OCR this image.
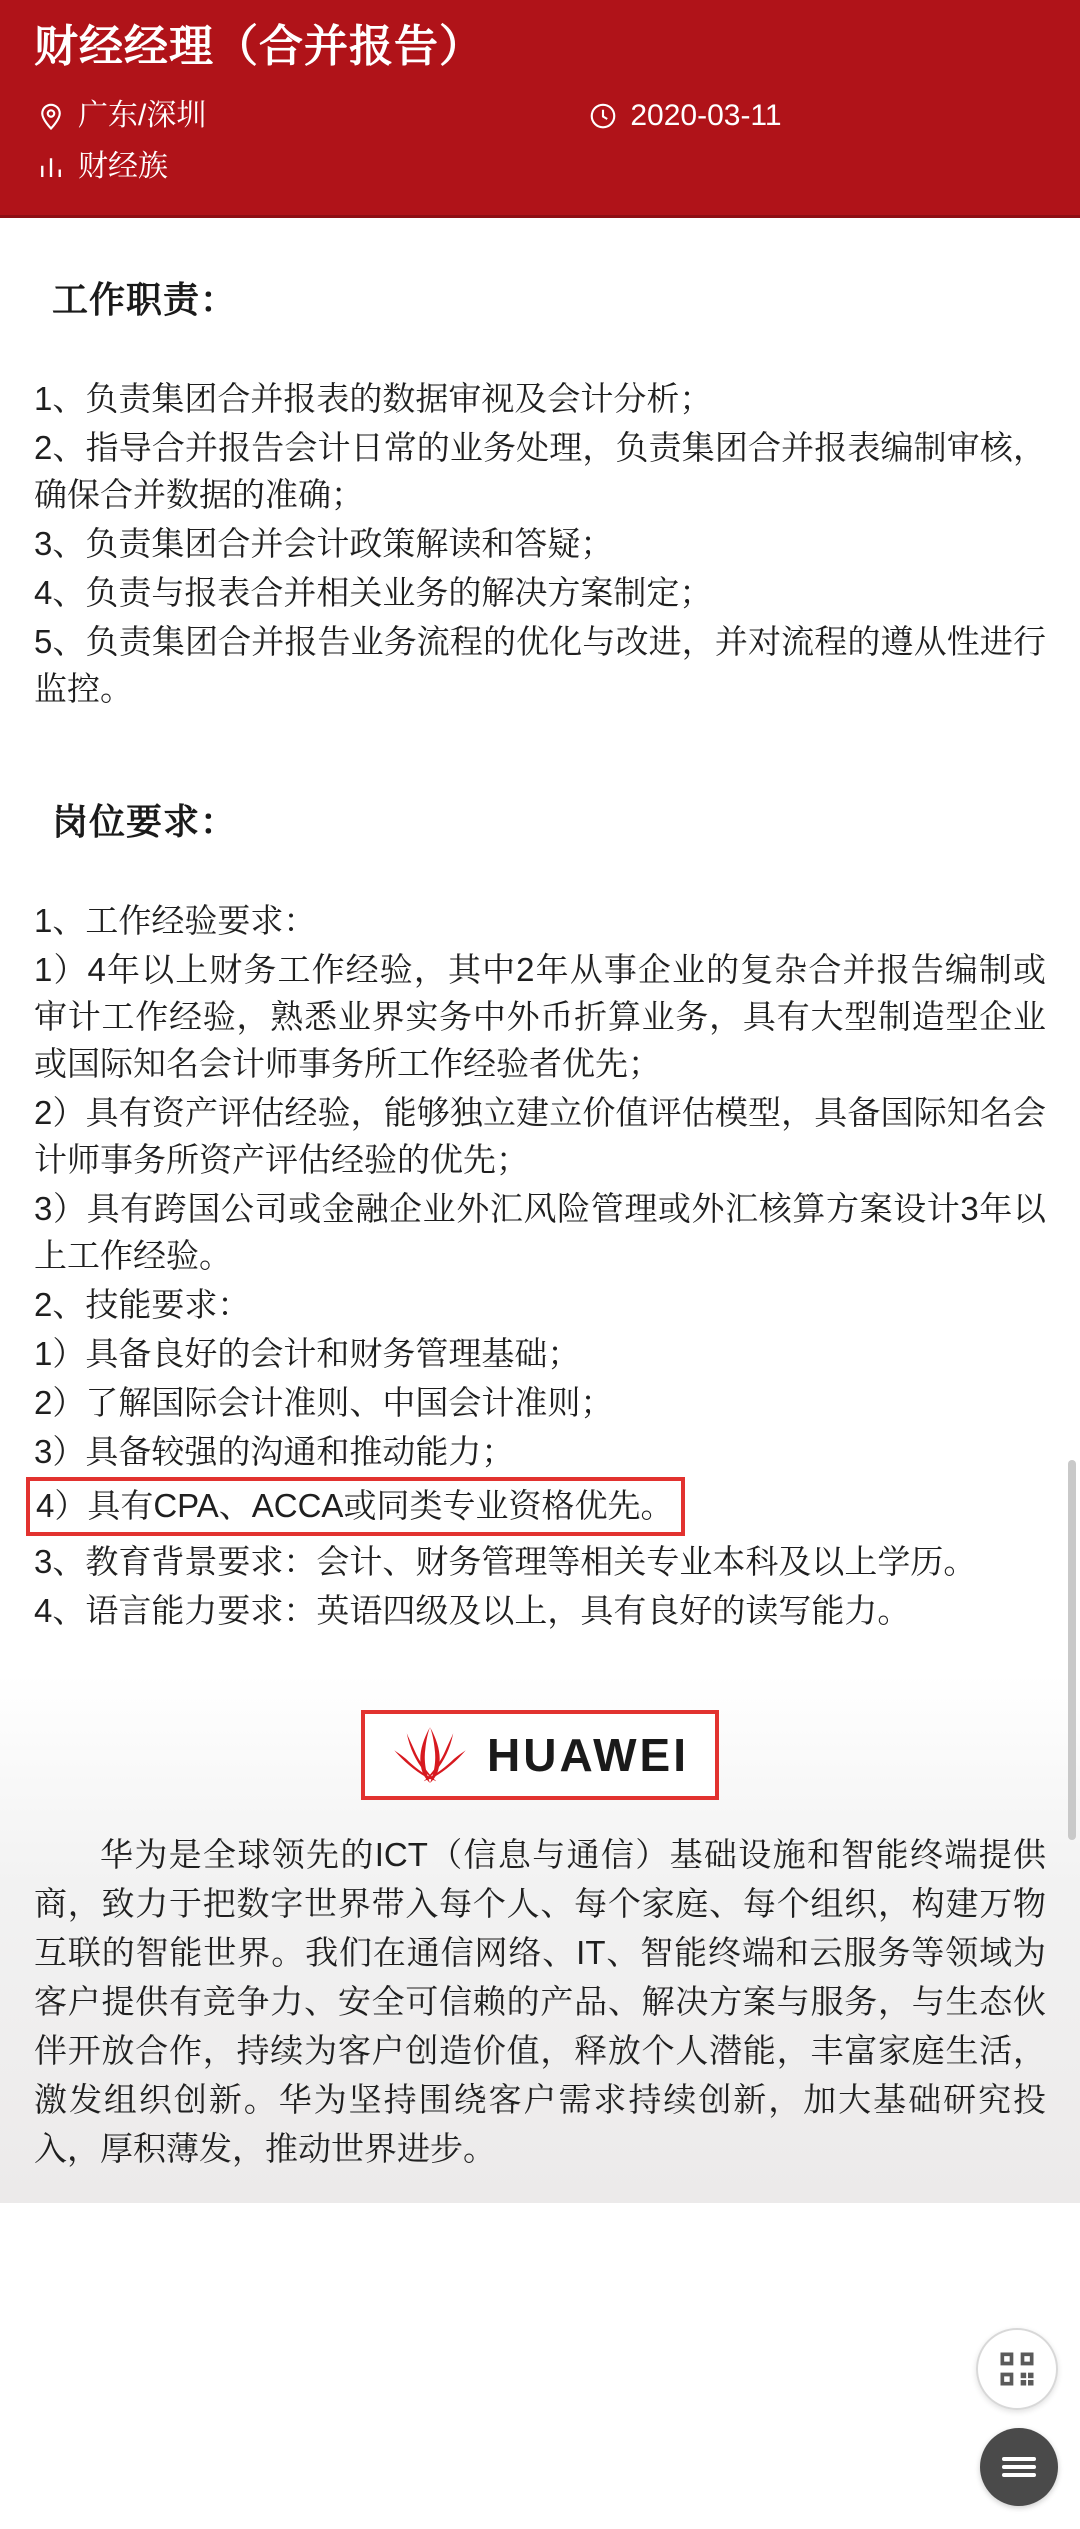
财经经理（合并报告）
广东/深圳	2020-03-11
财经族
工作职责：

1、负责集团合并报表的数据审视及会计分析；

2、指导合并报告会计日常的业务处理，负责集团合并报表编制审核，确保合并数据的准确；

3、负责集团合并会计政策解读和答疑；

4、负责与报表合并相关业务的解决方案制定；

5、负责集团合并报告业务流程的优化与改进，并对流程的遵从性进行监控。

岗位要求：

1、工作经验要求：

1）4年以上财务工作经验，其中2年从事企业的复杂合并报告编制或审计工作经验，熟悉业界实务中外币折算业务，具有大型制造型企业或国际知名会计师事务所工作经验者优先；

2）具有资产评估经验，能够独立建立价值评估模型，具备国际知名会计师事务所资产评估经验的优先；

3）具有跨国公司或金融企业外汇风险管理或外汇核算方案设计3年以上工作经验。

2、技能要求：

1）具备良好的会计和财务管理基础；

2）了解国际会计准则、中国会计准则；

3）具备较强的沟通和推动能力；

4）具有CPA、ACCA或同类专业资格优先。

3、教育背景要求：会计、财务管理等相关专业本科及以上学历。

4、语言能力要求：英语四级及以上，具有良好的读写能力。

HUAWEI
华为是全球领先的ICT（信息与通信）基础设施和智能终端提供商，致力于把数字世界带入每个人、每个家庭、每个组织，构建万物互联的智能世界。我们在通信网络、IT、智能终端和云服务等领域为客户提供有竞争力、安全可信赖的产品、解决方案与服务，与生态伙伴开放合作，持续为客户创造价值，释放个人潜能，丰富家庭生活，激发组织创新。华为坚持围绕客户需求持续创新，加大基础研究投入，厚积薄发，推动世界进步。
